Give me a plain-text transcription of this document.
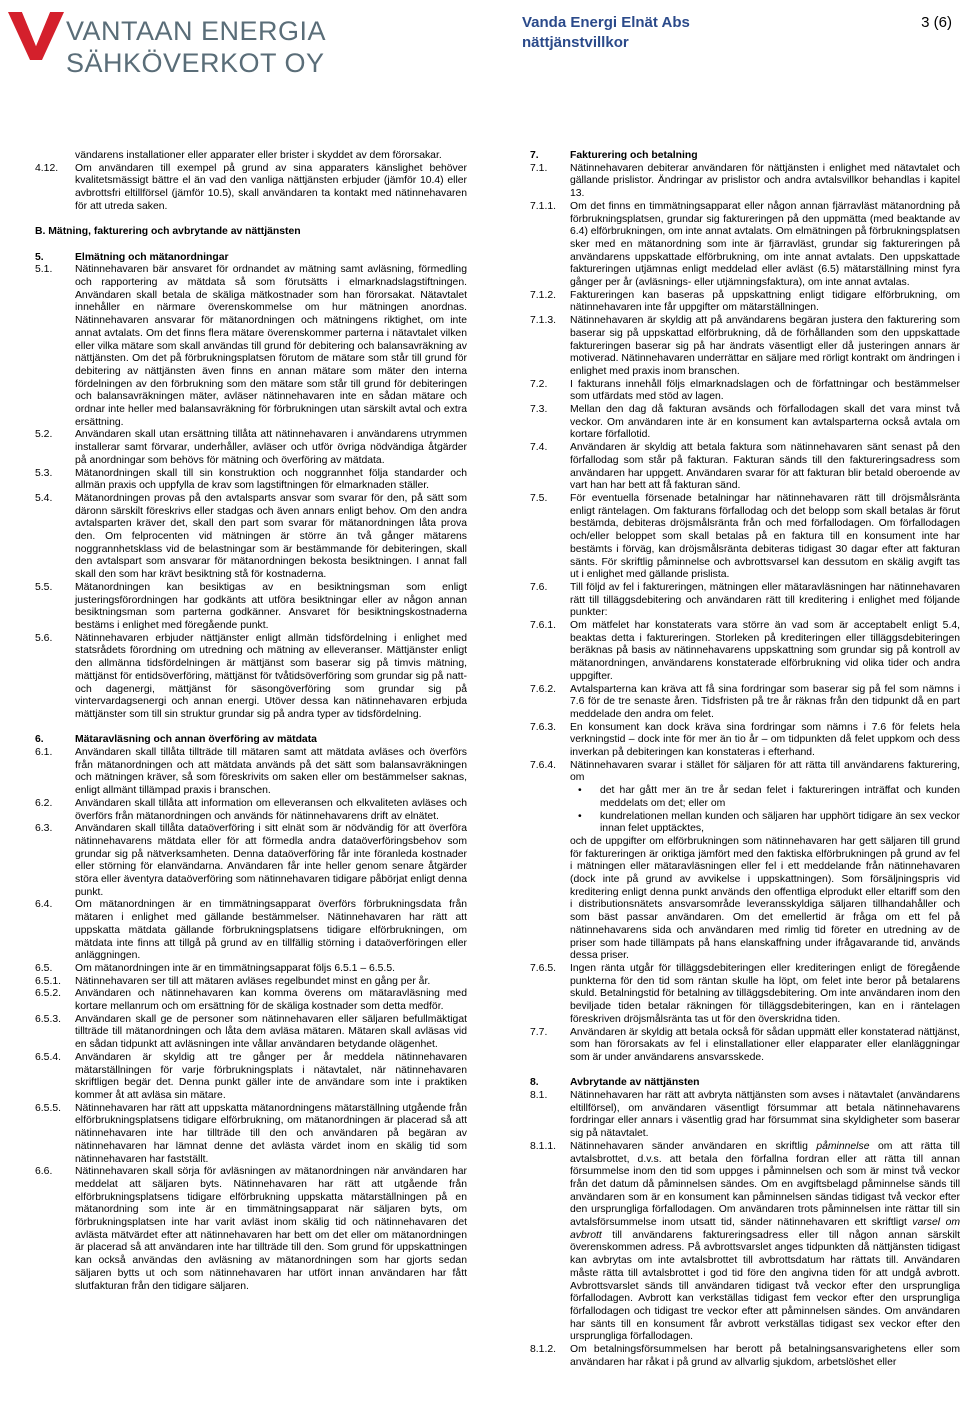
VANTAAN ENERGIA
SÄHKÖVERKOT OY
Vanda Energi Elnät Abs
nättjänstvillkor
3 (6)
vändarens installationer eller apparater eller brister i skyddet av dem förorsakar.
4.12.	Om användaren till exempel på grund av sina apparaters känslighet behöver kvalitetsmässigt bättre el än vad den vanliga nättjänsten erbjuder (jämför 10.4) eller avbrottsfri eltillförsel (jämför 10.5), skall användaren ta kontakt med nätinnehavaren för att utreda saken.
B. Mätning, fakturering och avbrytande av nättjänsten
5.	Elmätning och mätanordningar
5.1.	Nätinnehavaren bär ansvaret för ordnandet av mätning samt avläsning, förmedling och rapportering av mätdata så som förutsätts i elmarknadslagstiftningen. Användaren skall betala de skäliga mätkostnader som han förorsakat. Nätavtalet innehåller en närmare överenskommelse om hur mätningen anordnas. Nätinnehavaren ansvarar för mätanordningen och mätningens riktighet, om inte annat avtalats. Om det finns flera mätare överenskommer parterna i nätavtalet vilken eller vilka mätare som skall användas till grund för debitering och balansavräkning av nättjänsten. Om det på förbrukningsplatsen förutom de mätare som står till grund för debitering av nättjänsten även finns en annan mätare som mäter den interna fördelningen av den förbrukning som den mätare som står till grund för debiteringen och balansavräkningen mäter, avläser nätinnehavaren inte en sådan mätare och ordnar inte heller med balansavräkning för förbrukningen utan särskilt avtal och extra ersättning.
5.2.	Användaren skall utan ersättning tillåta att nätinnehavaren i användarens utrymmen installerar samt förvarar, underhåller, avläser och utför övriga nödvändiga åtgärder på anordningar som behövs för mätning och överföring av mätdata.
5.3.	Mätanordningen skall till sin konstruktion och noggrannhet följa standarder och allmän praxis och uppfylla de krav som lagstiftningen för elmarknaden ställer.
5.4.	Mätanordningen provas på den avtalsparts ansvar som svarar för den, på sätt som däronn särskilt föreskrivs eller stadgas och även annars enligt behov. Om den andra avtalsparten kräver det, skall den part som svarar för mätanordningen låta prova den. Om felprocenten vid mätningen är större än två gånger mätarens noggrannhetsklass vid de belastningar som är bestämmande för debiteringen, skall den avtalspart som ansvarar för mätanordningen bekosta besiktningen. I annat fall skall den som har krävt besiktning stå för kostnaderna.
5.5.	Mätanordningen kan besiktigas av en besiktningsman som enligt justeringsförordningen har godkänts att utföra besiktningar eller av någon annan besiktningsman som parterna godkänner. Ansvaret för besiktningskostnaderna bestäms i enlighet med föregående punkt.
5.6.	Nätinnehavaren erbjuder nättjänster enligt allmän tidsfördelning i enlighet med statsrådets förordning om utredning och mätning av elleveranser. Mättjänster enligt den allmänna tidsfördelningen är mättjänst som baserar sig på timvis mätning, mättjänst för entidsöverföring, mättjänst för tvåtidsöverföring som grundar sig på natt- och dagenergi, mättjänst för säsongöverföring som grundar sig på vintervardagsenergi och annan energi. Utöver dessa kan nätinnehavaren erbjuda mättjänster som till sin struktur grundar sig på andra typer av tidsfördelning.
6.	Mätaravläsning och annan överföring av mätdata
6.1.	Användaren skall tillåta tillträde till mätaren samt att mätdata avläses och överförs från mätanordningen och att mätdata används på det sätt som balansavräkningen och mätningen kräver, så som föreskrivits om saken eller om bestämmelser saknas, enligt allmänt tillämpad praxis i branschen.
6.2.	Användaren skall tillåta att information om elleveransen och elkvaliteten avläses och överförs från mätanordningen och används för nätinnehavarens drift av elnätet.
6.3.	Användaren skall tillåta dataöverföring i sitt elnät som är nödvändig för att överföra nätinnehavarens mätdata eller för att förmedla andra dataöverföringsbehov som grundar sig på nätverksamheten. Denna dataöverföring får inte föranleda kostnader eller störning för elanvändarna. Användaren får inte heller genom senare åtgärder störa eller äventyra dataöverföring som nätinnehavaren tidigare påbörjat enligt denna punkt.
6.4.	Om mätanordningen är en timmätningsapparat överförs förbrukningsdata från mätaren i enlighet med gällande bestämmelser. Nätinnehavaren har rätt att uppskatta mätdata gällande förbrukningsplatsens tidigare elförbrukningen, om mätdata inte finns att tillgå på grund av en tillfällig störning i dataöverföringen eller anläggningen.
6.5.	Om mätanordningen inte är en timmätningsapparat följs 6.5.1 – 6.5.5.
6.5.1.	Nätinnehavaren ser till att mätaren avläses regelbundet minst en gång per år.
6.5.2.	Användaren och nätinnehavaren kan komma överens om mätaravläsning med kortare mellanrum och om ersättning för de skäliga kostnader som detta medför.
6.5.3.	Användaren skall ge de personer som nätinnehavaren eller säljaren befullmäktigat tillträde till mätanordningen och låta dem avläsa mätaren. Mätaren skall avläsas vid en sådan tidpunkt att avläsningen inte vållar användaren betydande olägenhet.
6.5.4.	Användaren är skyldig att tre gånger per år meddela nätinnehavaren mätarställningen för varje förbrukningsplats i nätavtalet, när nätinnehavaren skriftligen begär det. Denna punkt gäller inte de användare som inte i praktiken kommer åt att avläsa sin mätare.
6.5.5.	Nätinnehavaren har rätt att uppskatta mätanordningens mätarställning utgående från elförbrukningsplatsens tidigare elförbrukning, om mätanordningen är placerad så att nätinnehavaren inte har tillträde till den och användaren på begäran av nätinnehavaren har lämnat denne det avlästa värdet inom en skälig tid som nätinnehavaren har fastställt.
6.6.	Nätinnehavaren skall sörja för avläsningen av mätanordningen när användaren har meddelat att säljaren byts. Nätinnehavaren har rätt att utgående från elförbrukningsplatsens tidigare elförbrukning uppskatta mätarställningen på en mätanordning som inte är en timmätningsapparat när säljaren byts, om förbrukningsplatsen inte har varit avläst inom skälig tid och nätinnehavaren det avlästa mätvärdet efter att nätinnehavaren har bett om det eller om mätanordningen är placerad så att användaren inte har tillträde till den. Som grund för uppskattningen kan också användas den avläsning av mätanordningen som har gjorts sedan säljaren bytts ut och som nätinnehavaren har utfört innan användaren har fått slutfakturan från den tidigare säljaren.
7.	Fakturering och betalning
7.1.	Nätinnehavaren debiterar användaren för nättjänsten i enlighet med nätavtalet och gällande prislistor. Ändringar av prislistor och andra avtalsvillkor behandlas i kapitel 13.
7.1.1.	Om det finns en timmätningsapparat eller någon annan fjärravläst mätanordning på förbrukningsplatsen, grundar sig faktureringen på den uppmätta (med beaktande av 6.4) elförbrukningen, om inte annat avtalats. Om elmätningen på förbrukningsplatsen sker med en mätanordning som inte är fjärravläst, grundar sig faktureringen på användarens uppskattade elförbrukning, om inte annat avtalats. Den uppskattade faktureringen utjämnas enligt meddelad eller avläst (6.5) mätarställning minst fyra gånger per år (avläsnings- eller utjämningsfaktura), om inte annat avtalas.
7.1.2.	Faktureringen kan baseras på uppskattning enligt tidigare elförbrukning, om nätinnehavaren inte får uppgifter om mätarställningen.
7.1.3.	Nätinnehavaren är skyldig att på användarens begäran justera den fakturering som baserar sig på uppskattad elförbrukning, då de förhållanden som den uppskattade faktureringen baserar sig på har ändrats väsentligt eller då justeringen annars är motiverad. Nätinnehavaren underrättar en säljare med rörligt kontrakt om ändringen i enlighet med praxis inom branschen.
7.2.	I fakturans innehåll följs elmarknadslagen och de författningar och bestämmelser som utfärdats med stöd av lagen.
7.3.	Mellan den dag då fakturan avsänds och förfallodagen skall det vara minst två veckor. Om användaren inte är en konsument kan avtalsparterna också avtala om kortare förfallotid.
7.4.	Användaren är skyldig att betala faktura som nätinnehavaren sänt senast på den förfallodag som står på fakturan. Fakturan sänds till den faktureringsadress som användaren har uppgett. Användaren svarar för att fakturan blir betald oberoende av vart han har bett att få fakturan sänd.
7.5.	För eventuella försenade betalningar har nätinnehavaren rätt till dröjsmålsränta enligt räntelagen. Om fakturans förfallodag och det belopp som skall betalas är förut bestämda, debiteras dröjsmålsränta från och med förfallodagen. Om förfallodagen och/eller beloppet som skall betalas på en faktura till en konsument inte har bestämts i förväg, kan dröjsmålsränta debiteras tidigast 30 dagar efter att fakturan sänts. För skriftlig påminnelse och avbrottsvarsel kan dessutom en skälig avgift tas ut i enlighet med gällande prislista.
7.6.	Till följd av fel i faktureringen, mätningen eller mätaravläsningen har nätinnehavaren rätt till tilläggsdebitering och användaren rätt till kreditering i enlighet med följande punkter:
7.6.1.	Om mätfelet har konstaterats vara större än vad som är acceptabelt enligt 5.4, beaktas detta i faktureringen. Storleken på krediteringen eller tilläggsdebiteringen beräknas på basis av nätinnehavarens uppskattning som grundar sig på kontroll av mätanordningen, användarens konstaterade elförbrukning vid olika tider och andra uppgifter.
7.6.2.	Avtalsparterna kan kräva att få sina fordringar som baserar sig på fel som nämns i 7.6 för de tre senaste åren. Tidsfristen på tre år räknas från den tidpunkt då en part meddelade den andra om felet.
7.6.3.	En konsument kan dock kräva sina fordringar som nämns i 7.6 för felets hela verkningstid – dock inte för mer än tio år – om tidpunkten då felet uppkom och dess inverkan på debiteringen kan konstateras i efterhand.
7.6.4.	Nätinnehavaren svarar i stället för säljaren för att rätta till användarens fakturering, om
•	det har gått mer än tre år sedan felet i faktureringen inträffat och kunden meddelats om det; eller om
•	kundrelationen mellan kunden och säljaren har upphört tidigare än sex veckor innan felet upptäcktes,
och de uppgifter om elförbrukningen som nätinnehavaren har gett säljaren till grund för faktureringen är oriktiga jämfört med den faktiska elförbrukningen på grund av fel i mätningen eller mätaravläsningen eller fel i ett meddelande från nätinnehavaren (dock inte på grund av avvikelse i uppskattningen). Som försäljningspris vid kreditering enligt denna punkt används den offentliga elprodukt eller eltariff som den i distributionsnätets ansvarsområde leveransskyldiga säljaren tillhandahåller och som bäst passar användaren. Om det emellertid är fråga om ett fel på nätinnehavarens sida och användaren med rimlig tid företer en utredning av de priser som hade tillämpats på hans elanskaffning under ifrågavarande tid, används dessa priser.
7.6.5.	Ingen ränta utgår för tilläggsdebiteringen eller krediteringen enligt de föregående punkterna för den tid som räntan skulle ha löpt, om felet inte beror på betalarens skuld. Betalningstid för betalning av tilläggsdebitering. Om inte användaren inom den beviljade tiden betalar räkningen för tilläggsdebiteringen, kan en i räntelagen föreskriven dröjsmålsränta tas ut för den överskridna tiden.
7.7.	Användaren är skyldig att betala också för sådan uppmätt eller konstaterad nättjänst, som han förorsakats av fel i elinstallationer eller elapparater eller elanläggningar som är under användarens ansvarsskede.
8.	Avbrytande av nättjänsten
8.1.	Nätinnehavaren har rätt att avbryta nättjänsten som avses i nätavtalet (användarens eltillförsel), om användaren väsentligt försummar att betala nätinnehavarens fordringar eller annars i väsentlig grad har försummat sina skyldigheter som baserar sig på nätavtalet.
8.1.1.	Nätinnehavaren sänder användaren en skriftlig påminnelse om att rätta till avtalsbrottet, d.v.s. att betala den förfallna fordran eller att rätta till annan försummelse inom den tid som uppges i påminnelsen och som är minst två veckor från det datum då påminnelsen sändes. Om en avgiftsbelagd påminnelse sänds till användaren som är en konsument kan påminnelsen sändas tidigast två veckor efter den ursprungliga förfallodagen. Om användaren trots påminnelsen inte rättar till sin avtalsförsummelse inom utsatt tid, sänder nätinnehavaren ett skriftligt varsel om avbrott till användarens faktureringsadress eller till någon annan särskilt överenskommen adress. På avbrottsvarslet anges tidpunkten då nättjänsten tidigast kan avbrytas om inte avtalsbrottet till avbrottsdatum har rättats till. Användaren måste rätta till avtalsbrottet i god tid före den angivna tiden för att undgå avbrott. Avbrottsvarslet sänds till användaren tidigast två veckor efter den ursprungliga förfallodagen. Avbrott kan verkställas tidigast fem veckor efter den ursprungliga förfallodagen och tidigast tre veckor efter att påminnelsen sändes. Om användaren har sänts till en konsument får avbrott verkställas tidigast sex veckor efter den ursprungliga förfallodagen.
8.1.2.	Om betalningsförsummelsen har berott på betalningsansvarighetens eller som användaren har råkat i på grund av allvarlig sjukdom, arbetslöshet eller
